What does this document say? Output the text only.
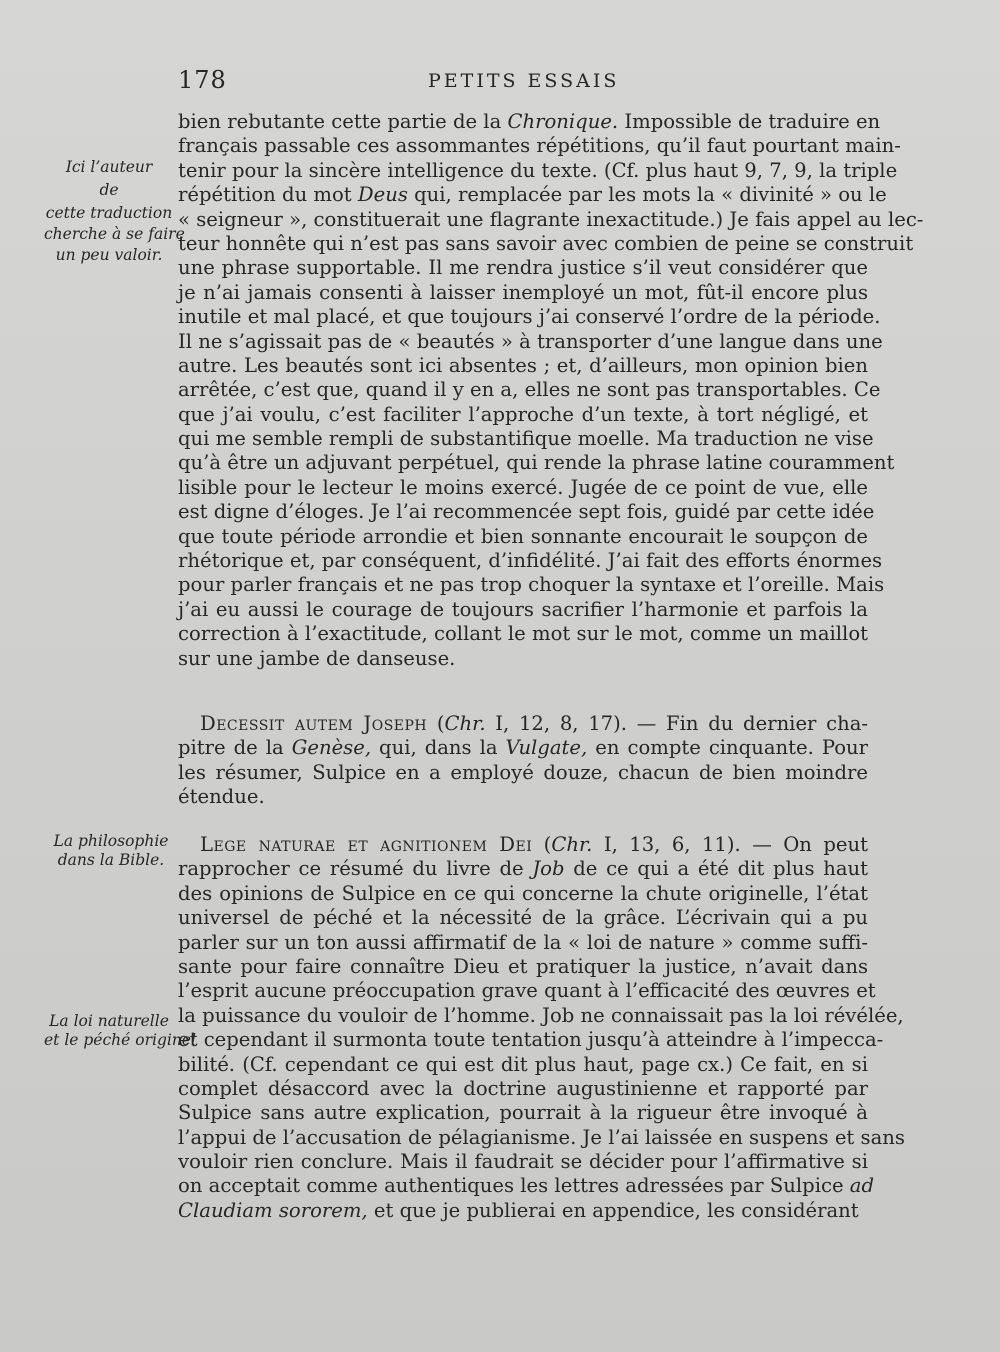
178	PETITS ESSAIS
Ici l’auteur
de
cette traduction
cherche à se faire
un peu valoir.
La philosophie
dans la Bible.
La loi naturelle
et le péché originel
bien rebutante cette partie de la Chronique. Impossible de traduire en
français passable ces assommantes répétitions, qu’il faut pourtant main-
tenir pour la sincère intelligence du texte. (Cf. plus haut 9, 7, 9, la triple
répétition du mot Deus qui, remplacée par les mots la « divinité » ou le
« seigneur », constituerait une flagrante inexactitude.) Je fais appel au lec-
teur honnête qui n’est pas sans savoir avec combien de peine se construit
une phrase supportable. Il me rendra justice s’il veut considérer que
je n’ai jamais consenti à laisser inemployé un mot, fût-il encore plus
inutile et mal placé, et que toujours j’ai conservé l’ordre de la période.
Il ne s’agissait pas de « beautés » à transporter d’une langue dans une
autre. Les beautés sont ici absentes ; et, d’ailleurs, mon opinion bien
arrêtée, c’est que, quand il y en a, elles ne sont pas transportables. Ce
que j’ai voulu, c’est faciliter l’approche d’un texte, à tort négligé, et
qui me semble rempli de substantifique moelle. Ma traduction ne vise
qu’à être un adjuvant perpétuel, qui rende la phrase latine couramment
lisible pour le lecteur le moins exercé. Jugée de ce point de vue, elle
est digne d’éloges. Je l’ai recommencée sept fois, guidé par cette idée
que toute période arrondie et bien sonnante encourait le soupçon de
rhétorique et, par conséquent, d’infidélité. J’ai fait des efforts énormes
pour parler français et ne pas trop choquer la syntaxe et l’oreille. Mais
j’ai eu aussi le courage de toujours sacrifier l’harmonie et parfois la
correction à l’exactitude, collant le mot sur le mot, comme un maillot
sur une jambe de danseuse.
Decessit autem Joseph (Chr. I, 12, 8, 17). — Fin du dernier cha-
pitre de la Genèse, qui, dans la Vulgate, en compte cinquante. Pour
les résumer, Sulpice en a employé douze, chacun de bien moindre
étendue.
Lege naturae et agnitionem Dei (Chr. I, 13, 6, 11). — On peut
rapprocher ce résumé du livre de Job de ce qui a été dit plus haut
des opinions de Sulpice en ce qui concerne la chute originelle, l’état
universel de péché et la nécessité de la grâce. L’écrivain qui a pu
parler sur un ton aussi affirmatif de la « loi de nature » comme suffi-
sante pour faire connaître Dieu et pratiquer la justice, n’avait dans
l’esprit aucune préoccupation grave quant à l’efficacité des œuvres et
la puissance du vouloir de l’homme. Job ne connaissait pas la loi révélée,
et cependant il surmonta toute tentation jusqu’à atteindre à l’impecca-
bilité. (Cf. cependant ce qui est dit plus haut, page cx.) Ce fait, en si
complet désaccord avec la doctrine augustinienne et rapporté par
Sulpice sans autre explication, pourrait à la rigueur être invoqué à
l’appui de l’accusation de pélagianisme. Je l’ai laissée en suspens et sans
vouloir rien conclure. Mais il faudrait se décider pour l’affirmative si
on acceptait comme authentiques les lettres adressées par Sulpice ad
Claudiam sororem, et que je publierai en appendice, les considérant
